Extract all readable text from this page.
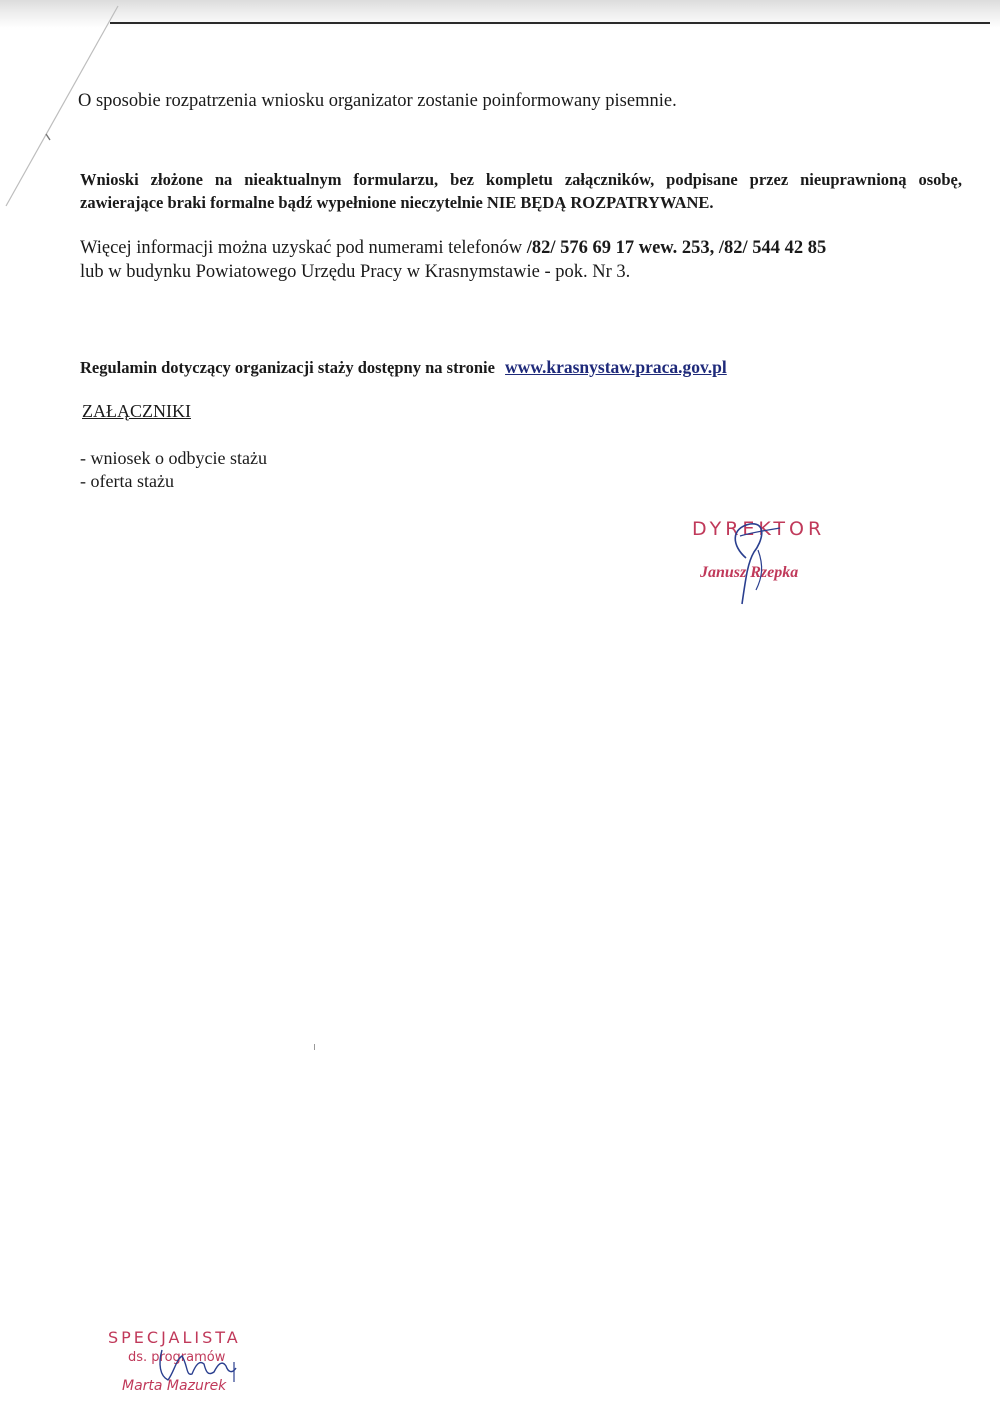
O sposobie rozpatrzenia wniosku organizator zostanie poinformowany pisemnie.

Wnioski złożone na nieaktualnym formularzu, bez kompletu załączników, podpisane przez nieuprawnioną osobę, zawierające braki formalne bądź wypełnione nieczytelnie NIE BĘDĄ ROZPATRYWANE.

Więcej informacji można uzyskać pod numerami telefonów /82/ 576 69 17 wew. 253, /82/ 544 42 85
lub w budynku Powiatowego Urzędu Pracy w Krasnymstawie - pok. Nr 3.

Regulamin dotyczący organizacji staży dostępny na stronie www.krasnystaw.praca.gov.pl

ZAŁĄCZNIKI
- wniosek o odbycie stażu
- oferta stażu
DYREKTOR
Janusz Rzepka
SPECJALISTA
ds. programów
Marta Mazurek
